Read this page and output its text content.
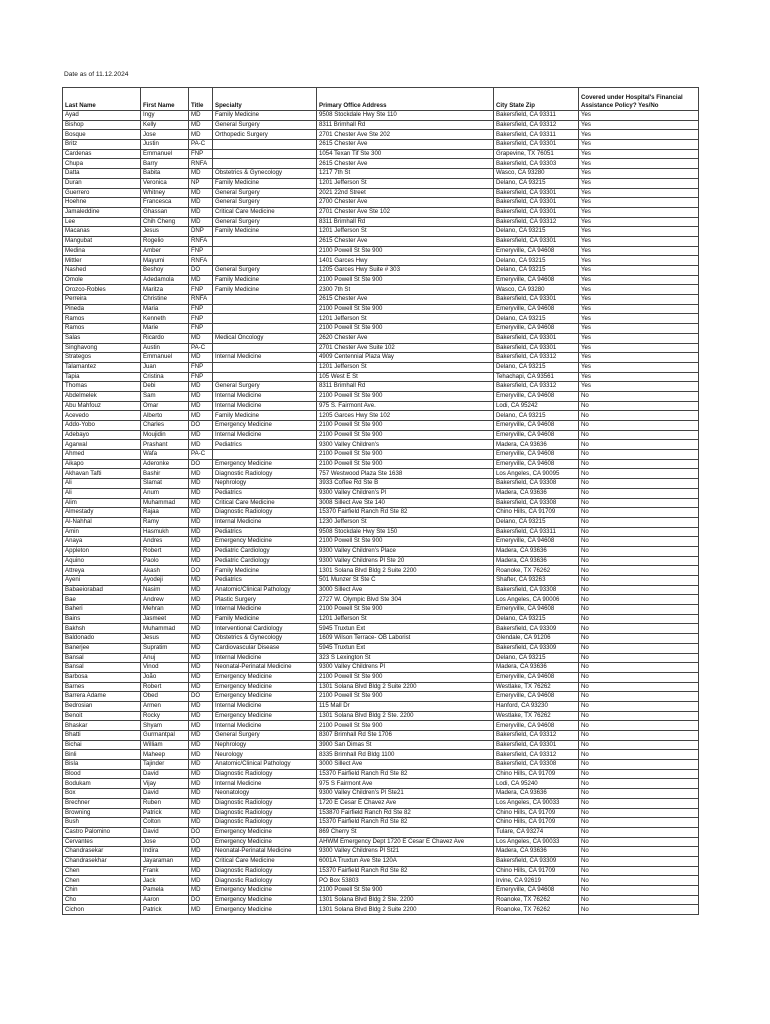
Date as of 11.12.2024
Last Name	First Name	Title	Specialty	Primary Office Address	City State Zip	Covered under Hospital's Financial Assistance Policy? Yes/No
Ayad	Ingy	MD	Family Medicine	9508 Stockdale Hwy Ste 110	Bakersfield, CA 93311	Yes
Bishop	Kelly	MD	General Surgery	8311 Brimhall Rd	Bakersfield, CA 93312	Yes
Bosque	Jose	MD	Orthopedic Surgery	2701 Chester Ave Ste 202	Bakersfield, CA 93311	Yes
Britz	Justin	PA-C		2615 Chester Ave	Bakersfield, CA 93301	Yes
Cardenas	Emmanuel	FNP		1054 Texan Tif Ste 300	Grapevine, TX 76051	Yes
Chupa	Barry	RNFA		2615 Chester Ave	Bakersfield, CA 93303	Yes
Datta	Babita	MD	Obstetrics & Gynecology	1217 7th St	Wasco, CA 93280	Yes
Duran	Veronica	NP	Family Medicine	1201 Jefferson St	Delano, CA 93215	Yes
Guerrero	Whitney	MD	General Surgery	2021 22nd Street	Bakersfield, CA 93301	Yes
Hoehne	Francesca	MD	General Surgery	2700 Chester Ave	Bakersfield, CA 93301	Yes
Jamaleddine	Ghassan	MD	Critical Care Medicine	2701 Chester Ave Ste 102	Bakersfield, CA 93301	Yes
Lee	Chih Cheng	MD	General Surgery	8311 Brimhall Rd	Bakersfield, CA 93312	Yes
Macanas	Jesus	DNP	Family Medicine	1201 Jefferson St	Delano, CA 93215	Yes
Mangubat	Rogelio	RNFA		2615 Chester Ave	Bakersfield, CA 93301	Yes
Medina	Amber	FNP		2100 Powell St Ste 900	Emeryville, CA 94608	Yes
Mittler	Mayumi	RNFA		1401 Garces Hwy	Delano, CA 93215	Yes
Nashed	Beshoy	DO	General Surgery	1205 Garces Hwy Suite # 303	Delano, CA 93215	Yes
Omole	Adedamola	MD	Family Medicine	2100 Powell St Ste 900	Emeryville, CA 94608	Yes
Orozco-Robles	Maritza	FNP	Family Medicine	2300 7th St	Wasco, CA 93280	Yes
Perreira	Christine	RNFA		2615 Chester Ave	Bakersfield, CA 93301	Yes
Pineda	Maria	FNP		2100 Powell St Ste 900	Emeryville, CA 94608	Yes
Ramos	Kenneth	FNP		1201 Jefferson St	Delano, CA 93215	Yes
Ramos	Marie	FNP		2100 Powell St Ste 900	Emeryville, CA 94608	Yes
Salas	Ricardo	MD	Medical Oncology	2620 Chester Ave	Bakersfield, CA 93301	Yes
Singhavong	Austin	PA-C		2701 Chester Ave Suite 102	Bakersfield, CA 93301	Yes
Strategos	Emmanuel	MD	Internal Medicine	4909 Centennial Plaza Way	Bakersfield, CA 93312	Yes
Talamantez	Juan	FNP		1201 Jefferson St	Delano, CA 93215	Yes
Tapia	Cristina	FNP		105 West E St	Tehachapi, CA 93561	Yes
Thomas	Debi	MD	General Surgery	8311 Brimhall Rd	Bakersfield, CA 93312	Yes
Abdelmelek	Sam	MD	Internal Medicine	2100 Powell St Ste 900	Emeryville, CA 94608	No
Abu Mahfouz	Omar	MD	Internal Medicine	975 S. Fairmont Ave.	Lodi, CA 95242	No
Acevedo	Alberto	MD	Family Medicine	1205 Garces Hwy Ste 102	Delano, CA 93215	No
Addo-Yobo	Charles	DO	Emergency Medicine	2100 Powell St Ste 900	Emeryville, CA 94608	No
Adebayo	Moujidin	MD	Internal Medicine	2100 Powell St Ste 900	Emeryville, CA 94608	No
Agarwal	Prashant	MD	Pediatrics	9300 Valley Children's	Madera, CA 93636	No
Ahmed	Wafa	PA-C		2100 Powell St Ste 900	Emeryville, CA 94608	No
Aikapo	Aderonke	DO	Emergency Medicine	2100 Powell St Ste 900	Emeryville, CA 94608	No
Akhavan Tafti	Bashir	MD	Diagnostic Radiology	757 Westwood Plaza Ste 1638	Los Angeles, CA 90095	No
Ali	Slamat	MD	Nephrology	3933 Coffee Rd Ste B	Bakersfield, CA 93308	No
Ali	Anum	MD	Pediatrics	9300 Valley Children's Pl	Madera, CA 93636	No
Alim	Muhammad	MD	Critical Care Medicine	3008 Sillect Ave Ste 140	Bakersfield, CA 93308	No
Almestady	Rajaa	MD	Diagnostic Radiology	15370 Fairfield Ranch Rd Ste 82	Chino Hills, CA 91709	No
Al-Nahhal	Ramy	MD	Internal Medicine	1230 Jefferson St	Delano, CA 93215	No
Amin	Hasmukh	MD	Pediatrics	9508 Stockdale Hwy Ste 150	Bakersfield, CA 93311	No
Anaya	Andres	MD	Emergency Medicine	2100 Powell St Ste 900	Emeryville, CA 94608	No
Appleton	Robert	MD	Pediatric Cardiology	9300 Valley Children's Place	Madera, CA 93636	No
Aquino	Paolo	MD	Pediatric Cardiology	9300 Valley Childrens Pl Ste 20	Madera, CA 93636	No
Attreya	Akash	DO	Family Medicine	1301 Solana Blvd Bldg 2 Suite 2200	Roanoke, TX 76262	No
Ayeni	Ayodeji	MD	Pediatrics	501 Munzer St Ste C	Shafter, CA 93263	No
Babaeiorabad	Nasim	MD	Anatomic/Clinical Pathology	3000 Sillect Ave	Bakersfield, CA 93308	No
Bae	Andrew	MD	Plastic Surgery	2727 W. Olympic Blvd Ste 304	Los Angeles, CA 90006	No
Baheri	Mehran	MD	Internal Medicine	2100 Powell St Ste 900	Emeryville, CA 94608	No
Bains	Jasmeet	MD	Family Medicine	1201 Jefferson St	Delano, CA 93215	No
Bakhsh	Muhammad	MD	Interventional Cardiology	5945 Truxtun Ext	Bakersfield, CA 93309	No
Baldonado	Jesus	MD	Obstetrics & Gynecology	1609 Wilson Terrace- OB Laborist	Glendale, CA 91206	No
Banerjee	Supratim	MD	Cardiovascular Disease	5945 Truxtun Ext	Bakersfield, CA 93309	No
Bansal	Anuj	MD	Internal Medicine	323 S Lexington St	Delano, CA 93215	No
Bansal	Vinod	MD	Neonatal-Perinatal Medicine	9300 Valley Childrens Pl	Madera, CA 93636	No
Barbosa	João	MD	Emergency Medicine	2100 Powell St Ste 900	Emeryville, CA 94608	No
Barnes	Robert	MD	Emergency Medicine	1301 Solana Blvd Bldg 2 Suite 2200	Westlake, TX 76262	No
Barrera Adame	Obed	DO	Emergency Medicine	2100 Powell St Ste 900	Emeryville, CA 94608	No
Bedrosian	Armen	MD	Internal Medicine	115 Mall Dr	Hanford, CA 93230	No
Benoit	Rocky	MD	Emergency Medicine	1301 Solana Blvd Bldg 2 Ste. 2200	Westlake, TX 76262	No
Bhaskar	Shyam	MD	Internal Medicine	2100 Powell St Ste 900	Emeryville, CA 94608	No
Bhatti	Gurmantpal	MD	General Surgery	8307 Brimhall Rd Ste 1706	Bakersfield, CA 93312	No
Bichai	William	MD	Nephrology	3900 San Dimas St	Bakersfield, CA 93301	No
Binli	Maheep	MD	Neurology	8335 Brimhall Rd Bldg 1100	Bakersfield, CA 93312	No
Bisla	Tajinder	MD	Anatomic/Clinical Pathology	3000 Sillect Ave	Bakersfield, CA 93308	No
Blood	David	MD	Diagnostic Radiology	15370 Fairfield Ranch Rd Ste 82	Chino Hills, CA 91709	No
Bodukam	Vijay	MD	Internal Medicine	975 S Fairmont Ave	Lodi, CA 95240	No
Box	David	MD	Neonatology	9300 Valley Children's Pl Ste21	Madera, CA 93636	No
Brechner	Ruben	MD	Diagnostic Radiology	1720 E Cesar E Chavez Ave	Los Angeles, CA 90033	No
Browning	Patrick	MD	Diagnostic Radiology	153870 Fairfield Ranch Rd Ste 82	Chino Hills, CA 91709	No
Bush	Colton	MD	Diagnostic Radiology	15370 Fairfield Ranch Rd Ste 82	Chino Hills, CA 91709	No
Castro Palomino	David	DO	Emergency Medicine	869 Cherry St	Tulare, CA 93274	No
Cervantes	Jose	DO	Emergency Medicine	AHWM Emergency Dept 1720 E Cesar E Chavez Ave	Los Angeles, CA 90033	No
Chandrasekar	Indira	MD	Neonatal-Perinatal Medicine	9300 Valley Childrens Pl St21	Madera, CA 93636	No
Chandrasekhar	Jayaraman	MD	Critical Care Medicine	6001A Truxtun Ave Ste 120A	Bakersfield, CA 93309	No
Chen	Frank	MD	Diagnostic Radiology	15370 Fairfield Ranch Rd Ste 82	Chino Hills, CA 91709	No
Chen	Jack	MD	Diagnostic Radiology	PO Box 53803	Irvine, CA 92619	No
Chin	Pamela	MD	Emergency Medicine	2100 Powell St Ste 900	Emeryville, CA 94608	No
Cho	Aaron	DO	Emergency Medicine	1301 Solana Blvd Bldg 2 Ste. 2200	Roanoke, TX 76262	No
Cichon	Patrick	MD	Emergency Medicine	1301 Solana Blvd Bldg 2 Suite 2200	Roanoke, TX 76262	No
